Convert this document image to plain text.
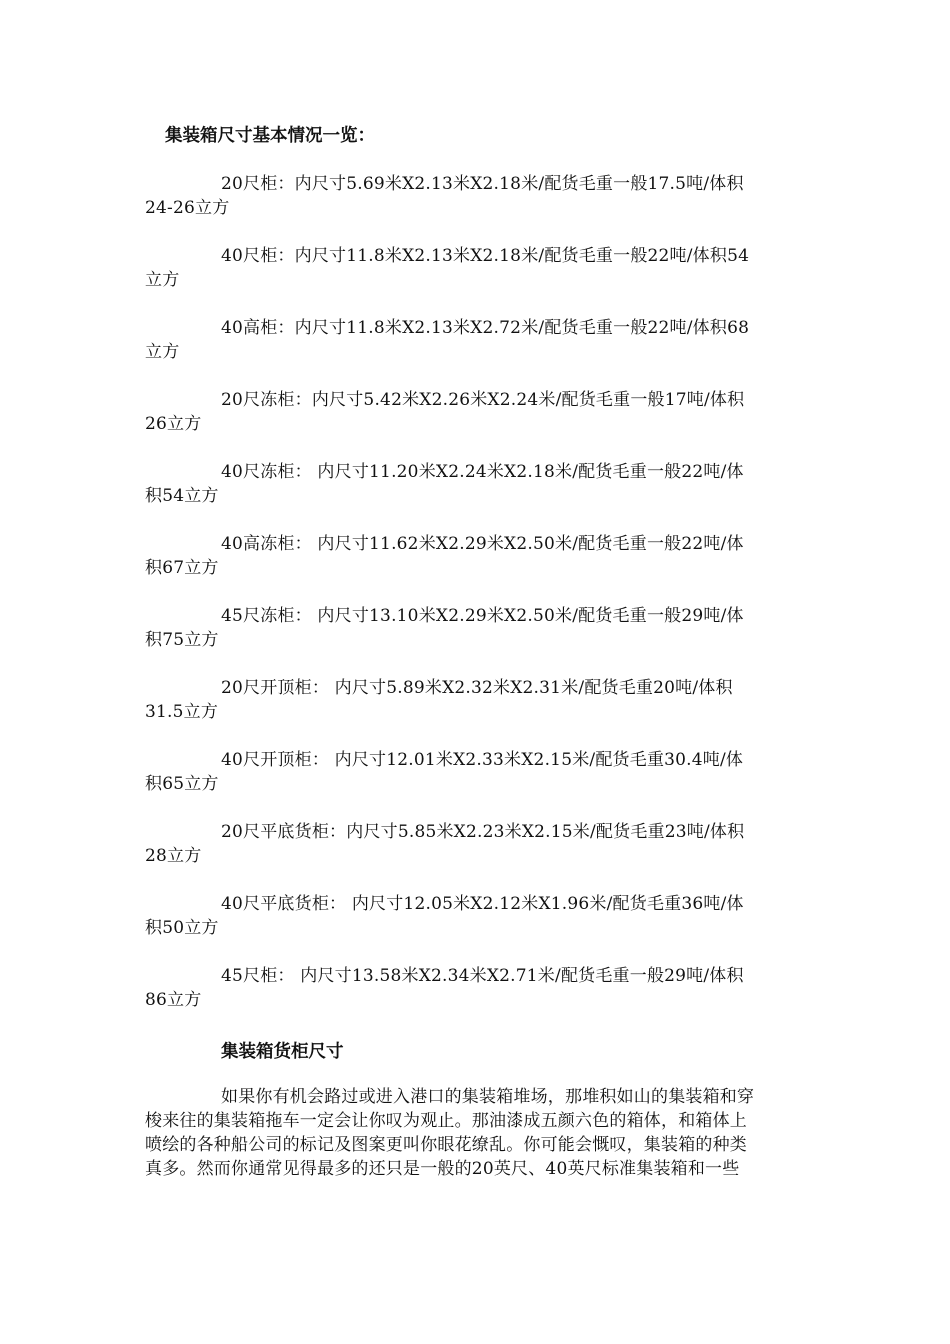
集装箱尺寸基本情况一览：
20尺柜：内尺寸5.69米X2.13米X2.18米/配货毛重一般17.5吨/体积
24-26立方
40尺柜：内尺寸11.8米X2.13米X2.18米/配货毛重一般22吨/体积54
立方
40高柜：内尺寸11.8米X2.13米X2.72米/配货毛重一般22吨/体积68
立方
20尺冻柜：内尺寸5.42米X2.26米X2.24米/配货毛重一般17吨/体积
26立方
40尺冻柜： 内尺寸11.20米X2.24米X2.18米/配货毛重一般22吨/体
积54立方
40高冻柜： 内尺寸11.62米X2.29米X2.50米/配货毛重一般22吨/体
积67立方
45尺冻柜： 内尺寸13.10米X2.29米X2.50米/配货毛重一般29吨/体
积75立方
20尺开顶柜： 内尺寸5.89米X2.32米X2.31米/配货毛重20吨/体积
31.5立方
40尺开顶柜： 内尺寸12.01米X2.33米X2.15米/配货毛重30.4吨/体
积65立方
20尺平底货柜：内尺寸5.85米X2.23米X2.15米/配货毛重23吨/体积
28立方
40尺平底货柜： 内尺寸12.05米X2.12米X1.96米/配货毛重36吨/体
积50立方
45尺柜： 内尺寸13.58米X2.34米X2.71米/配货毛重一般29吨/体积
86立方
集装箱货柜尺寸
如果你有机会路过或进入港口的集装箱堆场，那堆积如山的集装箱和穿
梭来往的集装箱拖车一定会让你叹为观止。那油漆成五颜六色的箱体，和箱体上
喷绘的各种船公司的标记及图案更叫你眼花缭乱。你可能会慨叹，集装箱的种类
真多。然而你通常见得最多的还只是一般的20英尺、40英尺标准集装箱和一些
